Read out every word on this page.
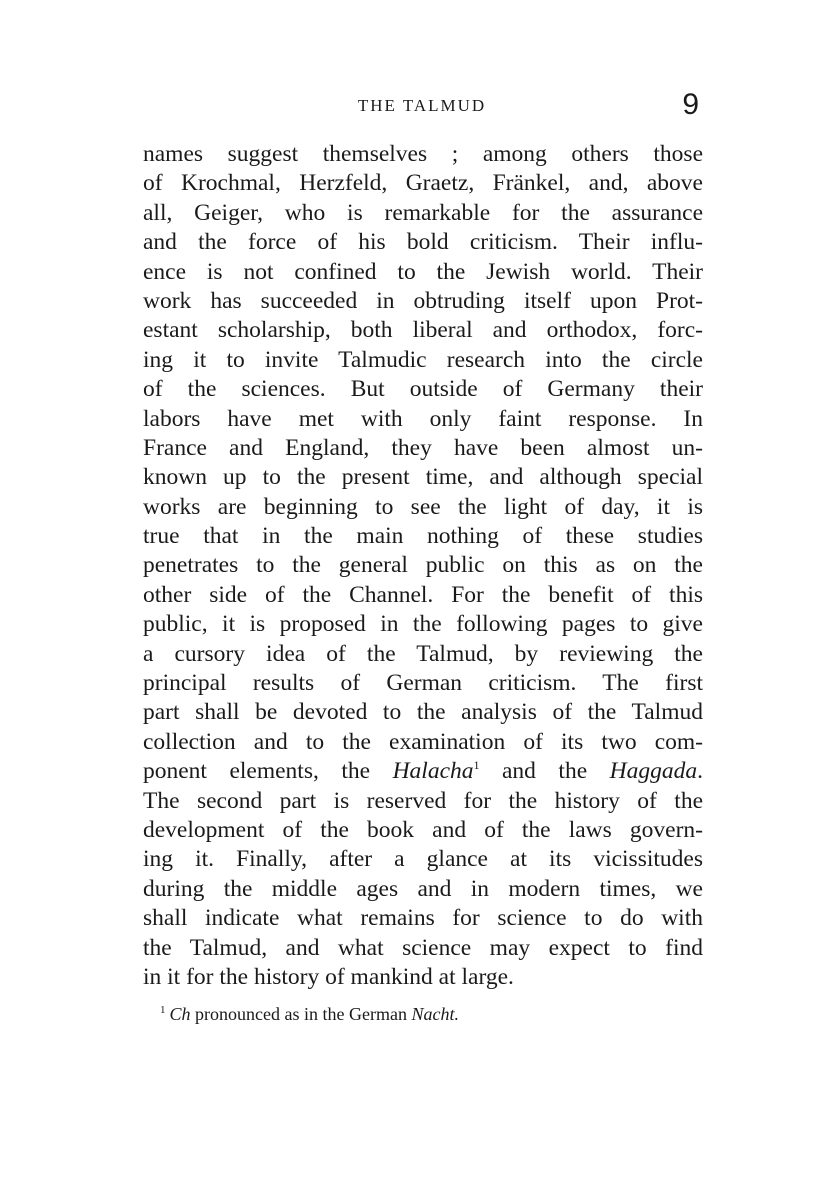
THE TALMUD	9
names suggest themselves ; among others those
of Krochmal, Herzfeld, Graetz, Fränkel, and, above
all, Geiger, who is remarkable for the assurance
and the force of his bold criticism. Their influ-
ence is not confined to the Jewish world. Their
work has succeeded in obtruding itself upon Prot-
estant scholarship, both liberal and orthodox, forc-
ing it to invite Talmudic research into the circle
of the sciences. But outside of Germany their
labors have met with only faint response. In
France and England, they have been almost un-
known up to the present time, and although special
works are beginning to see the light of day, it is
true that in the main nothing of these studies
penetrates to the general public on this as on the
other side of the Channel. For the benefit of this
public, it is proposed in the following pages to give
a cursory idea of the Talmud, by reviewing the
principal results of German criticism. The first
part shall be devoted to the analysis of the Talmud
collection and to the examination of its two com-
ponent elements, the Halacha$^1$ and the Haggada.
The second part is reserved for the history of the
development of the book and of the laws govern-
ing it. Finally, after a glance at its vicissitudes
during the middle ages and in modern times, we
shall indicate what remains for science to do with
the Talmud, and what science may expect to find
in it for the history of mankind at large.
$^1$ Ch pronounced as in the German Nacht.
